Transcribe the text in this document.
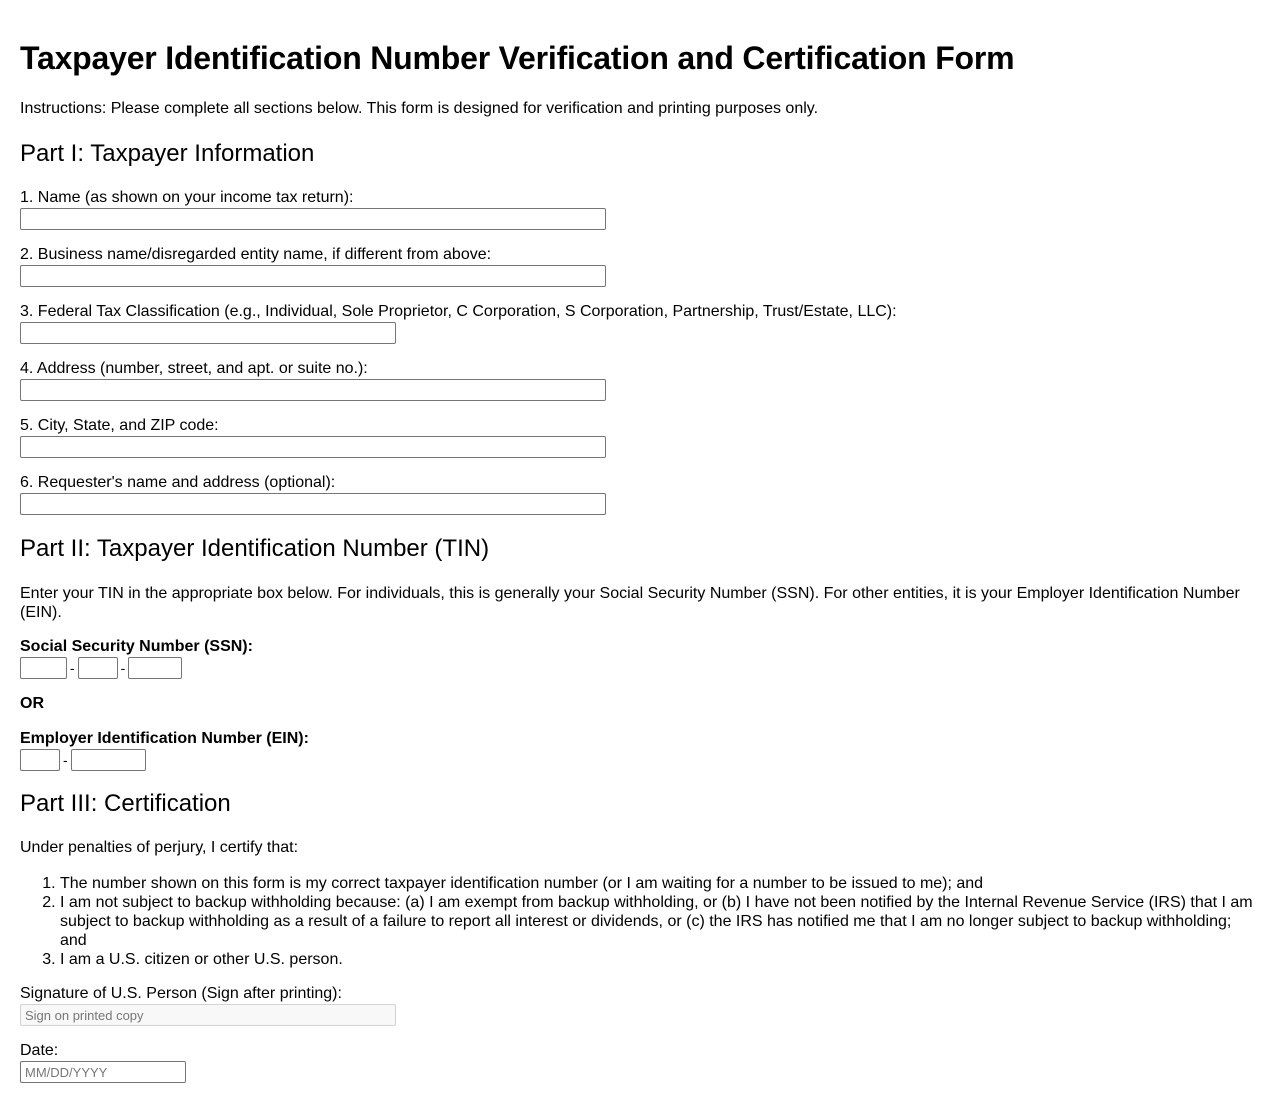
Taxpayer Identification Number Verification and Certification Form
Instructions: Please complete all sections below. This form is designed for verification and printing purposes only.
Part I: Taxpayer Information
1. Name (as shown on your income tax return):
2. Business name/disregarded entity name, if different from above:
3. Federal Tax Classification (e.g., Individual, Sole Proprietor, C Corporation, S Corporation, Partnership, Trust/Estate, LLC):
4. Address (number, street, and apt. or suite no.):
5. City, State, and ZIP code:
6. Requester's name and address (optional):
Part II: Taxpayer Identification Number (TIN)
Enter your TIN in the appropriate box below. For individuals, this is generally your Social Security Number (SSN). For other entities, it is your Employer Identification Number (EIN).
Social Security Number (SSN):
-	-
OR
Employer Identification Number (EIN):
-
Part III: Certification
Under penalties of perjury, I certify that:
1. The number shown on this form is my correct taxpayer identification number (or I am waiting for a number to be issued to me); and
2. I am not subject to backup withholding because: (a) I am exempt from backup withholding, or (b) I have not been notified by the Internal Revenue Service (IRS) that I am subject to backup withholding as a result of a failure to report all interest or dividends, or (c) the IRS has notified me that I am no longer subject to backup withholding; and
3. I am a U.S. citizen or other U.S. person.
Signature of U.S. Person (Sign after printing):
Sign on printed copy
Date:
MM/DD/YYYY
